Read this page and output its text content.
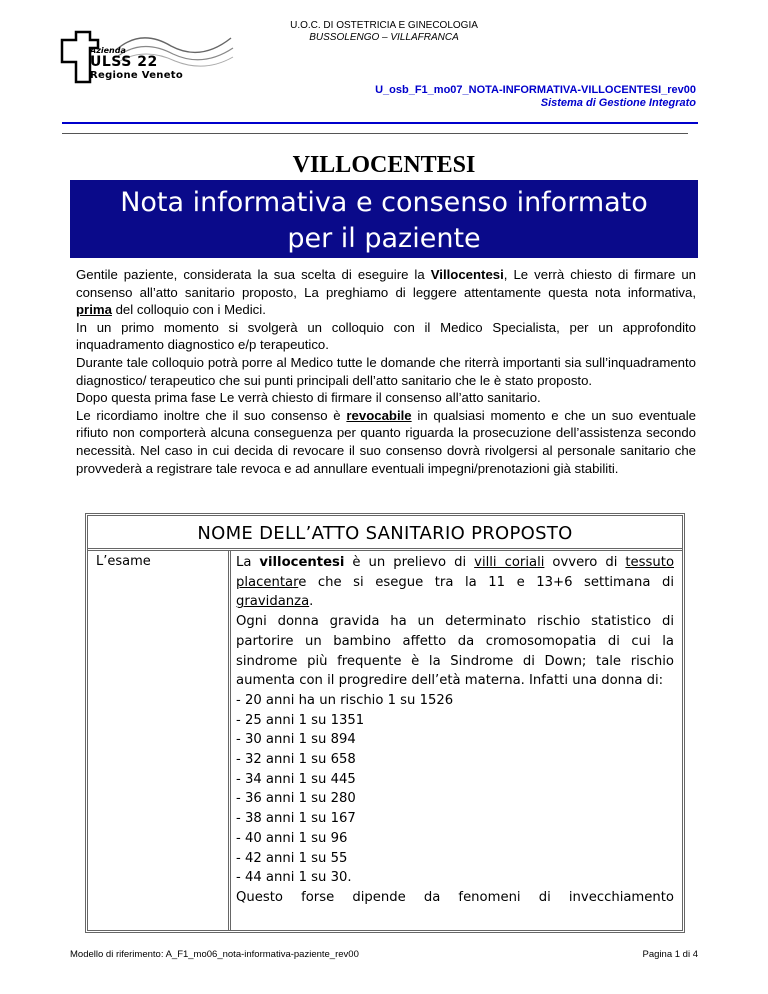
U.O.C. DI OSTETRICIA E GINECOLOGIA
BUSSOLENGO – VILLAFRANCA
Azienda
ULSS 22
Regione Veneto
U_osb_F1_mo07_NOTA-INFORMATIVA-VILLOCENTESI_rev00
Sistema di Gestione Integrato
VILLOCENTESI
Nota informativa e consenso informato
per il paziente

Gentile paziente, considerata la sua scelta di eseguire la Villocentesi, Le verrà chiesto di firmare un consenso all’atto sanitario proposto, La preghiamo di leggere attentamente questa nota informativa, prima del colloquio con i Medici.

In un primo momento si svolgerà un colloquio con il Medico Specialista, per un approfondito inquadramento diagnostico e/p terapeutico.

Durante tale colloquio potrà porre al Medico tutte le domande che riterrà importanti sia sull’inquadramento diagnostico/ terapeutico che sui punti principali dell’atto sanitario che le è stato proposto.

Dopo questa prima fase Le verrà chiesto di firmare il consenso all’atto sanitario.

Le ricordiamo inoltre che il suo consenso è revocabile in qualsiasi momento e che un suo eventuale rifiuto non comporterà alcuna conseguenza per quanto riguarda la prosecuzione dell’assistenza secondo necessità. Nel caso in cui decida di revocare il suo consenso dovrà rivolgersi al personale sanitario che provvederà a registrare tale revoca e ad annullare eventuali impegni/prenotazioni già stabiliti.

NOME DELL’ATTO SANITARIO PROPOSTO
L’esame	La villocentesi è un prelievo di villi coriali ovvero di tessuto placentare che si esegue tra la 11 e 13+6 settimana di gravidanza.

Ogni donna gravida ha un determinato rischio statistico di partorire un bambino affetto da cromosomopatia di cui la sindrome più frequente è la Sindrome di Down; tale rischio aumenta con il progredire dell’età materna. Infatti una donna di:

- 20 anni ha un rischio 1 su 1526
- 25 anni 1 su 1351
- 30 anni 1 su 894
- 32 anni 1 su 658
- 34 anni 1 su 445
- 36 anni 1 su 280
- 38 anni 1 su 167
- 40 anni 1 su 96
- 42 anni 1 su 55
- 44 anni 1 su 30.
Questo forse dipende da fenomeni di invecchiamento
Modello di riferimento: A_F1_mo06_nota-informativa-paziente_rev00	Pagina 1 di 4
